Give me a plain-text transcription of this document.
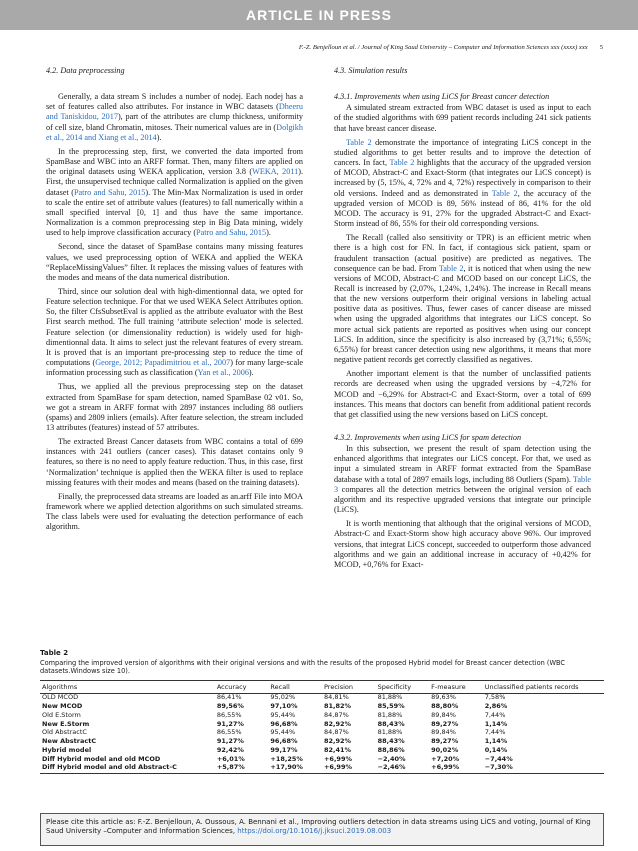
ARTICLE IN PRESS
F.-Z. Benjelloun et al. / Journal of King Saud University – Computer and Information Sciences xxx (xxxx) xxx 5
4.2. Data preprocessing

Generally, a data stream S includes a number of nodej. Each nodej has a set of features called also attributes. For instance in WBC datasets (Dheeru and Taniskidou, 2017), part of the attributes are clump thickness, uniformity of cell size, bland Chromatin, mitoses. Their numerical values are in (Dolgikh et al., 2014 and Xiang et al., 2014).

In the preprocessing step, first, we converted the data imported from SpamBase and WBC into an ARFF format. Then, many filters are applied on the original datasets using WEKA application, version 3.8 (WEKA, 2011). First, the unsupervised technique called Normalization is applied on the given dataset (Patro and Sahu, 2015). The Min-Max Normalization is used in order to scale the entire set of attribute values (features) to fall numerically within a small specified interval [0, 1] and thus have the same importance. Normalization is a common preprocessing step in Big Data mining, widely used to help improve classification accuracy (Patro and Sahu, 2015).

Second, since the dataset of SpamBase contains many missing features values, we used preprocessing option of WEKA and applied the WEKA “ReplaceMissingValues” filter. It replaces the missing values of features with the modes and means of the data numerical distribution.

Third, since our solution deal with high-dimentionnal data, we opted for Feature selection technique. For that we used WEKA Select Attributes option. So, the filter CfsSubsetEval is applied as the attribute evaluator with the Best First search method. The full training ‘attribute selection’ mode is selected. Feature selection (or dimensionality reduction) is widely used for high-dimentionnal data. It aims to select just the relevant features of every stream. It is proved that is an important pre-processing step to reduce the time of computations (George, 2012; Papadimitriou et al., 2007) for many large-scale information processing such as classification (Yan et al., 2006).

Thus, we applied all the previous preprocessing step on the dataset extracted from SpamBase for spam detection, named SpamBase 02 v01. So, we got a stream in ARFF format with 2897 instances including 88 outliers (spams) and 2809 inliers (emails). After feature selection, the stream included 13 attributes (features) instead of 57 attributes.

The extracted Breast Cancer datasets from WBC contains a total of 699 instances with 241 outliers (cancer cases). This dataset contains only 9 features, so there is no need to apply feature reduction. Thus, in this case, first ‘Normalization’ technique is applied then the WEKA filter is used to replace missing features with their modes and means (based on the training datasets).

Finally, the preprocessed data streams are loaded as an.arff File into MOA framework where we applied detection algorithms on such simulated streams. The class labels were used for evaluating the detection performance of each algorithm.

4.3. Simulation results
4.3.1. Improvements when using LiCS for Breast cancer detection

A simulated stream extracted from WBC dataset is used as input to each of the studied algorithms with 699 patient records including 241 sick patients that have breast cancer disease.

Table 2 demonstrate the importance of integrating LiCS concept in the studied algorithms to get better results and to improve the detection of cancers. In fact, Table 2 highlights that the accuracy of the upgraded version of MCOD, Abstract-C and Exact-Storm (that integrates our LiCS concept) is increased by (5, 15%, 4, 72% and 4, 72%) respectively in comparison to their old versions. Indeed and as demonstrated in Table 2, the accuracy of the upgraded version of MCOD is 89, 56% instead of 86, 41% for the old MCOD. The accuracy is 91, 27% for the upgraded Abstract-C and Exact-Storm instead of 86, 55% for their old corresponding versions.

The Recall (called also sensitivity or TPR) is an efficient metric when there is a high cost for FN. In fact, if contagious sick patient, spam or fraudulent transaction (actual positive) are predicted as negatives. The consequence can be bad. From Table 2, it is noticed that when using the new versions of MCOD, Abstract-C and MCOD based on our concept LiCS, the Recall is increased by (2,07%, 1,24%, 1,24%). The increase in Recall means that the new versions outperform their original versions in labeling actual positive data as positives. Thus, fewer cases of cancer disease are missed when using the upgraded algorithms that integrates our LiCS concept. So more actual sick patients are reported as positives when using our concept LiCS. In addition, since the specificity is also increased by (3,71%; 6,55%; 6,55%) for breast cancer detection using new algorithms, it means that more negative patient records get correctly classified as negatives.

Another important element is that the number of unclassified patients records are decreased when using the upgraded versions by −4,72% for MCOD and −6,29% for Abstract-C and Exact-Storm, over a total of 699 instances. This means that doctors can benefit from additional patient records that get classified using the new versions based on LiCS concept.

4.3.2. Improvements when using LiCS for spam detection

In this subsection, we present the result of spam detection using the enhanced algorithms that integrates our LiCS concept. For that, we used as input a simulated stream in ARFF format extracted from the SpamBase database with a total of 2897 emails logs, including 88 Outliers (Spam). Table 3 compares all the detection metrics between the original version of each algorithm and its respective upgraded versions that integrate our principle (LiCS).

It is worth mentioning that although that the original versions of MCOD, Abstract-C and Exact-Storm show high accuracy above 96%. Our improved versions, that integrat LiCS concept, succeeded to outperform those advanced algorithms and we gain an additional increase in accuracy of +0,42% for MCOD, +0,76% for Exact-

Table 2
Comparing the improved version of algorithms with their original versions and with the results of the proposed Hybrid model for Breast cancer detection (WBC datasets.Windows size 10).
Algorithms	Accuracy	Recall	Precision	Specificity	F-measure	Unclassified patients records
OLD MCOD	86,41%	95,02%	84,81%	81,88%	89,63%	7,58%
New MCOD	89,56%	97,10%	81,82%	85,59%	88,80%	2,86%
Old E.Storm	86,55%	95,44%	84,87%	81,88%	89,84%	7,44%
New E.Storm	91,27%	96,68%	82,92%	88,43%	89,27%	1,14%
Old AbstractC	86,55%	95,44%	84,87%	81,88%	89,84%	7,44%
New AbstractC	91,27%	96,68%	82,92%	88,43%	89,27%	1,14%
Hybrid model	92,42%	99,17%	82,41%	88,86%	90,02%	0,14%
Diff Hybrid model and old MCOD	+6,01%	+18,25%	+6,99%	−2,40%	+7,20%	−7,44%
Diff Hybrid model and old Abstract-C	+5,87%	+17,90%	+6,99%	−2,46%	+6,99%	−7,30%
Please cite this article as: F.-Z. Benjelloun, A. Oussous, A. Bennani et al., Improving outliers detection in data streams using LiCS and voting, Journal of King Saud University –Computer and Information Sciences, https://doi.org/10.1016/j.jksuci.2019.08.003
